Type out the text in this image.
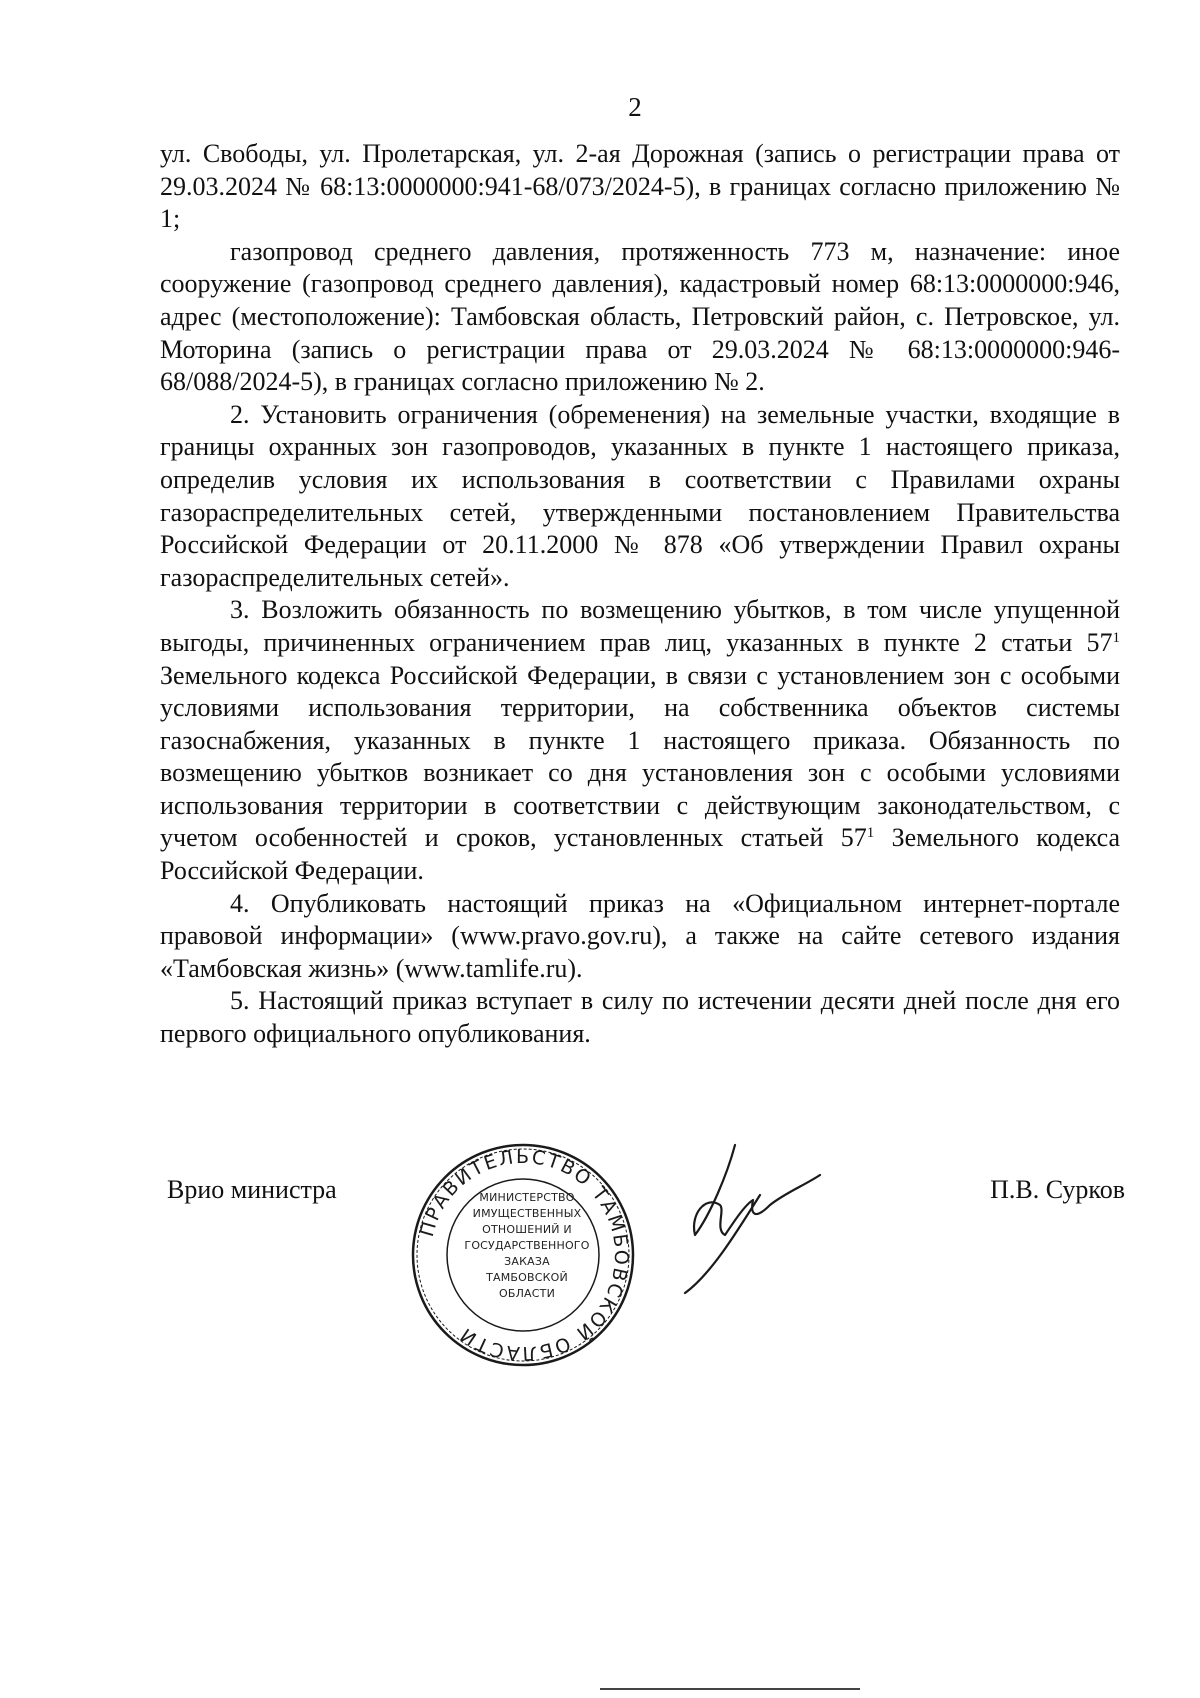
2

ул. Свободы, ул. Пролетарская, ул. 2-ая Дорожная (запись о регистрации права от 29.03.2024 № 68:13:0000000:941-68/073/2024-5), в границах согласно приложению № 1;

газопровод среднего давления, протяженность 773 м, назначение: иное сооружение (газопровод среднего давления), кадастровый номер 68:13:0000000:946, адрес (местоположение): Тамбовская область, Петровский район, с. Петровское, ул. Моторина (запись о регистрации права от 29.03.2024 № 68:13:0000000:946-68/088/2024-5), в границах согласно приложению № 2.

2. Установить ограничения (обременения) на земельные участки, входящие в границы охранных зон газопроводов, указанных в пункте 1 настоящего приказа, определив условия их использования в соответствии с Правилами охраны газораспределительных сетей, утвержденными постановлением Правительства Российской Федерации от 20.11.2000 № 878 «Об утверждении Правил охраны газораспределительных сетей».

3. Возложить обязанность по возмещению убытков, в том числе упущенной выгоды, причиненных ограничением прав лиц, указанных в пункте 2 статьи $57^1$ Земельного кодекса Российской Федерации, в связи с установлением зон с особыми условиями использования территории, на собственника объектов системы газоснабжения, указанных в пункте 1 настоящего приказа. Обязанность по возмещению убытков возникает со дня установления зон с особыми условиями использования территории в соответствии с действующим законодательством, с учетом особенностей и сроков, установленных статьей $57^1$ Земельного кодекса Российской Федерации.

4. Опубликовать настоящий приказ на «Официальном интернет-портале правовой информации» (www.pravo.gov.ru), а также на сайте сетевого издания «Тамбовская жизнь» (www.tamlife.ru).

5. Настоящий приказ вступает в силу по истечении десяти дней после дня его первого официального опубликования.

Врио министра
ПРАВИТЕЛЬСТВО ТАМБОВСКОЙ ОБЛАСТИ
МИНИСТЕРСТВО
ИМУЩЕСТВЕННЫХ
ОТНОШЕНИЙ И
ГОСУДАРСТВЕННОГО
ЗАКАЗА
ТАМБОВСКОЙ
ОБЛАСТИ
П.В. Сурков
